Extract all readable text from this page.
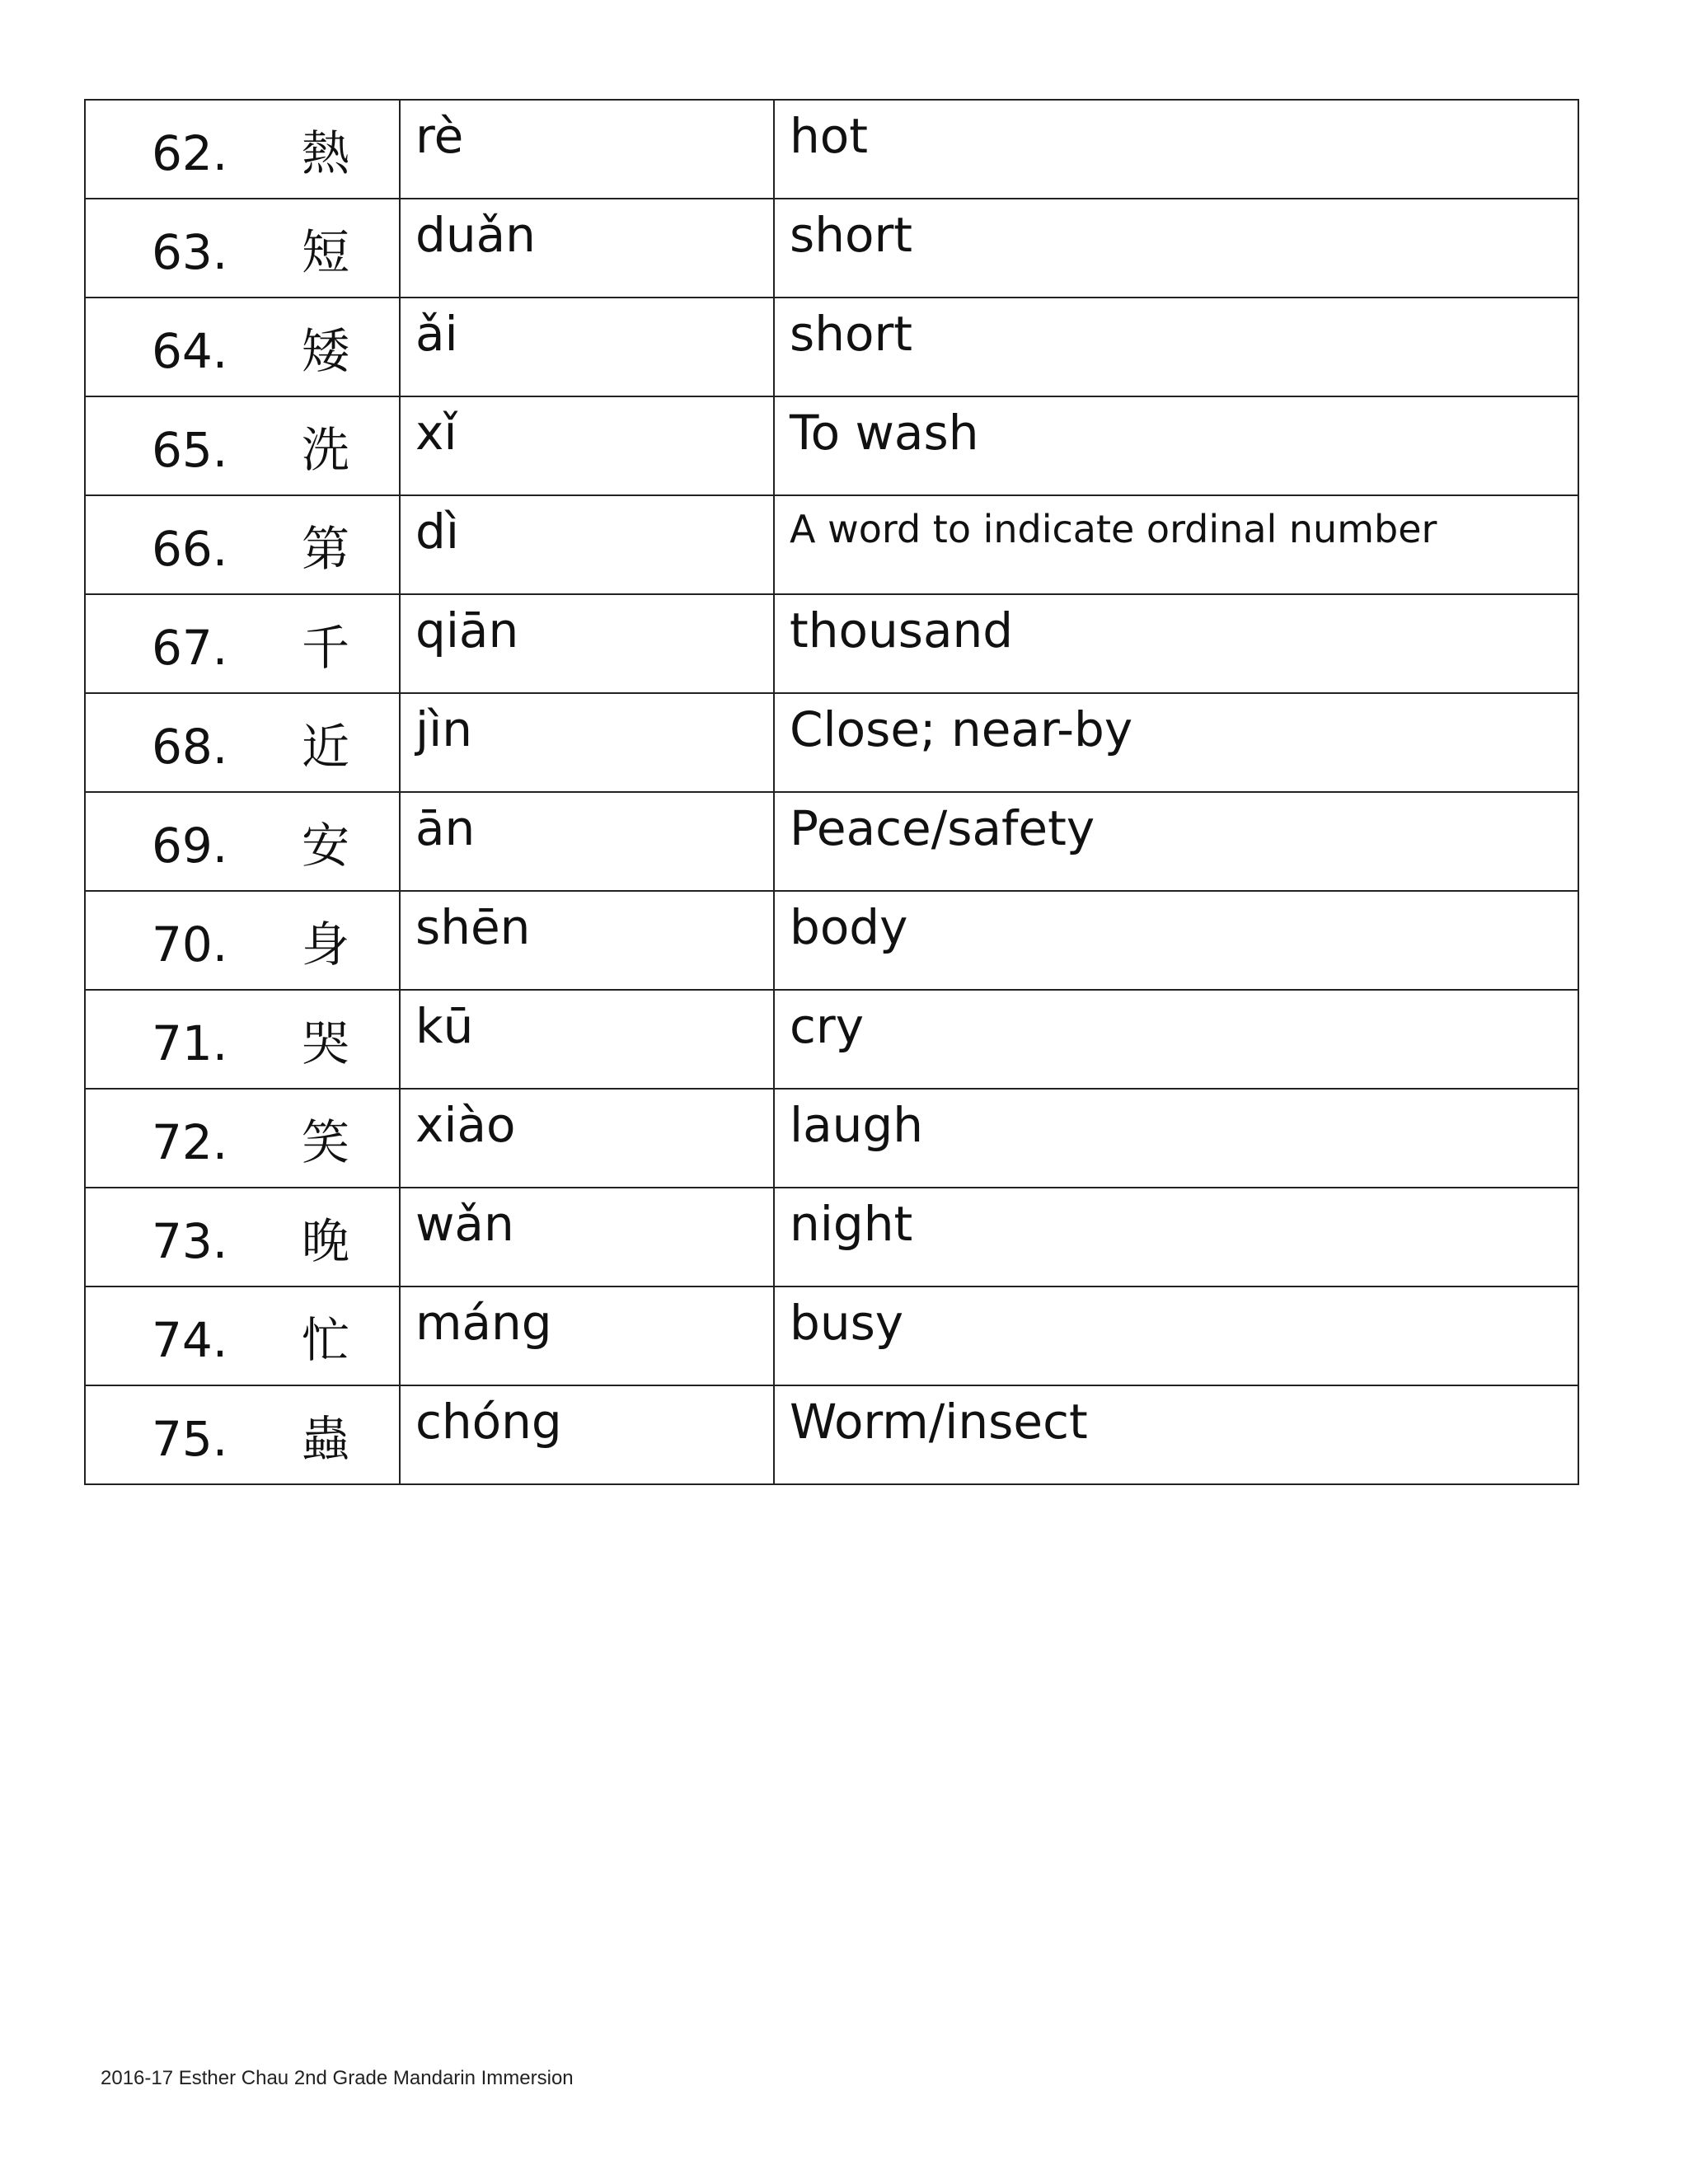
62. 熱	rè	hot

63. 短	duǎn	short

64. 矮	ǎi	short

65. 洗	xǐ	To wash

66. 第	dì	A word to indicate ordinal number

67. 千	qiān	thousand

68. 近	jìn	Close; near-by

69. 安	ān	Peace/safety

70. 身	shēn	body

71. 哭	kū	cry

72. 笑	xiào	laugh

73. 晚	wǎn	night

74. 忙	máng	busy

75. 蟲	chóng	Worm/insect
2016-17 Esther Chau 2nd Grade Mandarin Immersion
